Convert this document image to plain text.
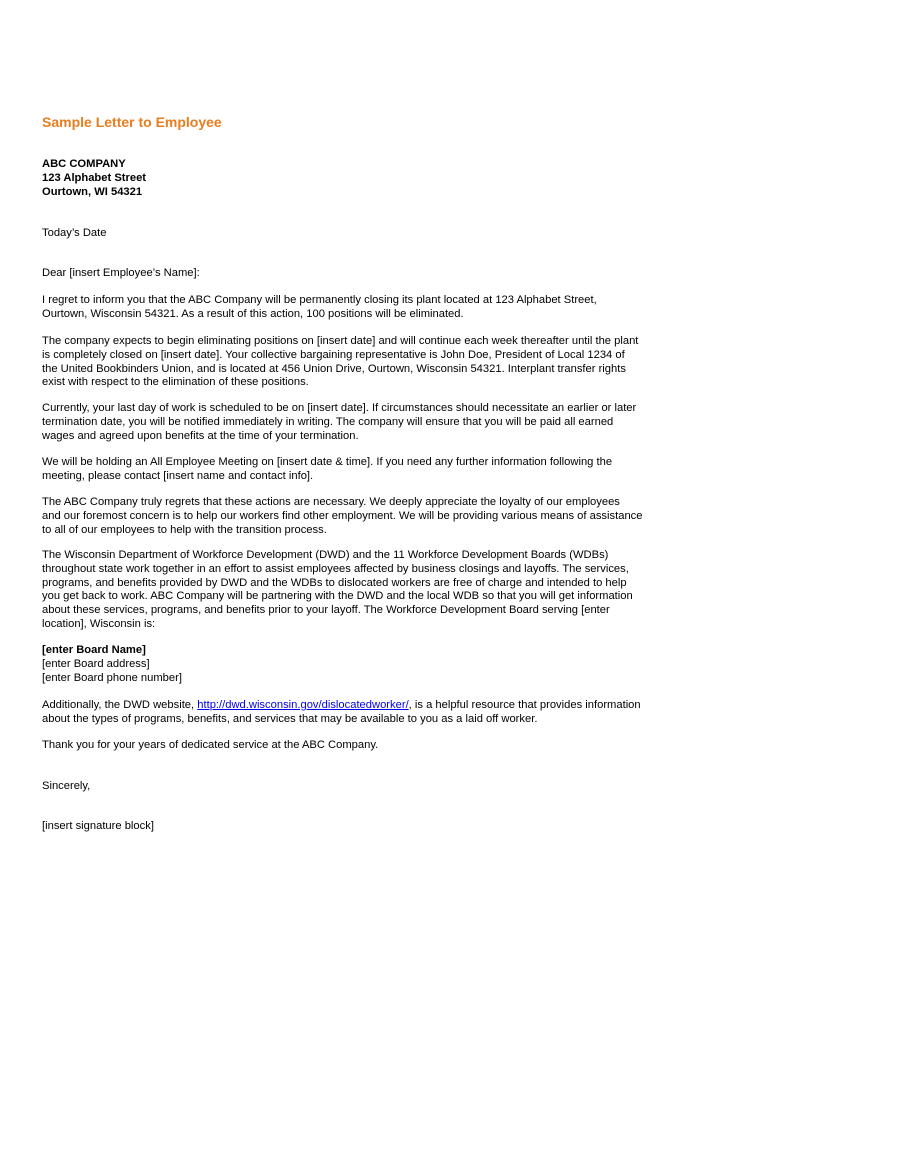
Sample Letter to Employee
ABC COMPANY
123 Alphabet Street
Ourtown, WI 54321
Today’s Date
Dear [insert Employee’s Name]:
I regret to inform you that the ABC Company will be permanently closing its plant located at 123 Alphabet Street,
Ourtown, Wisconsin 54321. As a result of this action, 100 positions will be eliminated.
The company expects to begin eliminating positions on [insert date] and will continue each week thereafter until the plant
is completely closed on [insert date]. Your collective bargaining representative is John Doe, President of Local 1234 of
the United Bookbinders Union, and is located at 456 Union Drive, Ourtown, Wisconsin 54321. Interplant transfer rights
exist with respect to the elimination of these positions.
Currently, your last day of work is scheduled to be on [insert date]. If circumstances should necessitate an earlier or later
termination date, you will be notified immediately in writing. The company will ensure that you will be paid all earned
wages and agreed upon benefits at the time of your termination.
We will be holding an All Employee Meeting on [insert date & time]. If you need any further information following the
meeting, please contact [insert name and contact info].
The ABC Company truly regrets that these actions are necessary. We deeply appreciate the loyalty of our employees
and our foremost concern is to help our workers find other employment. We will be providing various means of assistance
to all of our employees to help with the transition process.
The Wisconsin Department of Workforce Development (DWD) and the 11 Workforce Development Boards (WDBs)
throughout state work together in an effort to assist employees affected by business closings and layoffs. The services,
programs, and benefits provided by DWD and the WDBs to dislocated workers are free of charge and intended to help
you get back to work. ABC Company will be partnering with the DWD and the local WDB so that you will get information
about these services, programs, and benefits prior to your layoff. The Workforce Development Board serving [enter
location], Wisconsin is:
[enter Board Name]
[enter Board address]
[enter Board phone number]
Additionally, the DWD website, http://dwd.wisconsin.gov/dislocatedworker/, is a helpful resource that provides information
about the types of programs, benefits, and services that may be available to you as a laid off worker.
Thank you for your years of dedicated service at the ABC Company.
Sincerely,
[insert signature block]
